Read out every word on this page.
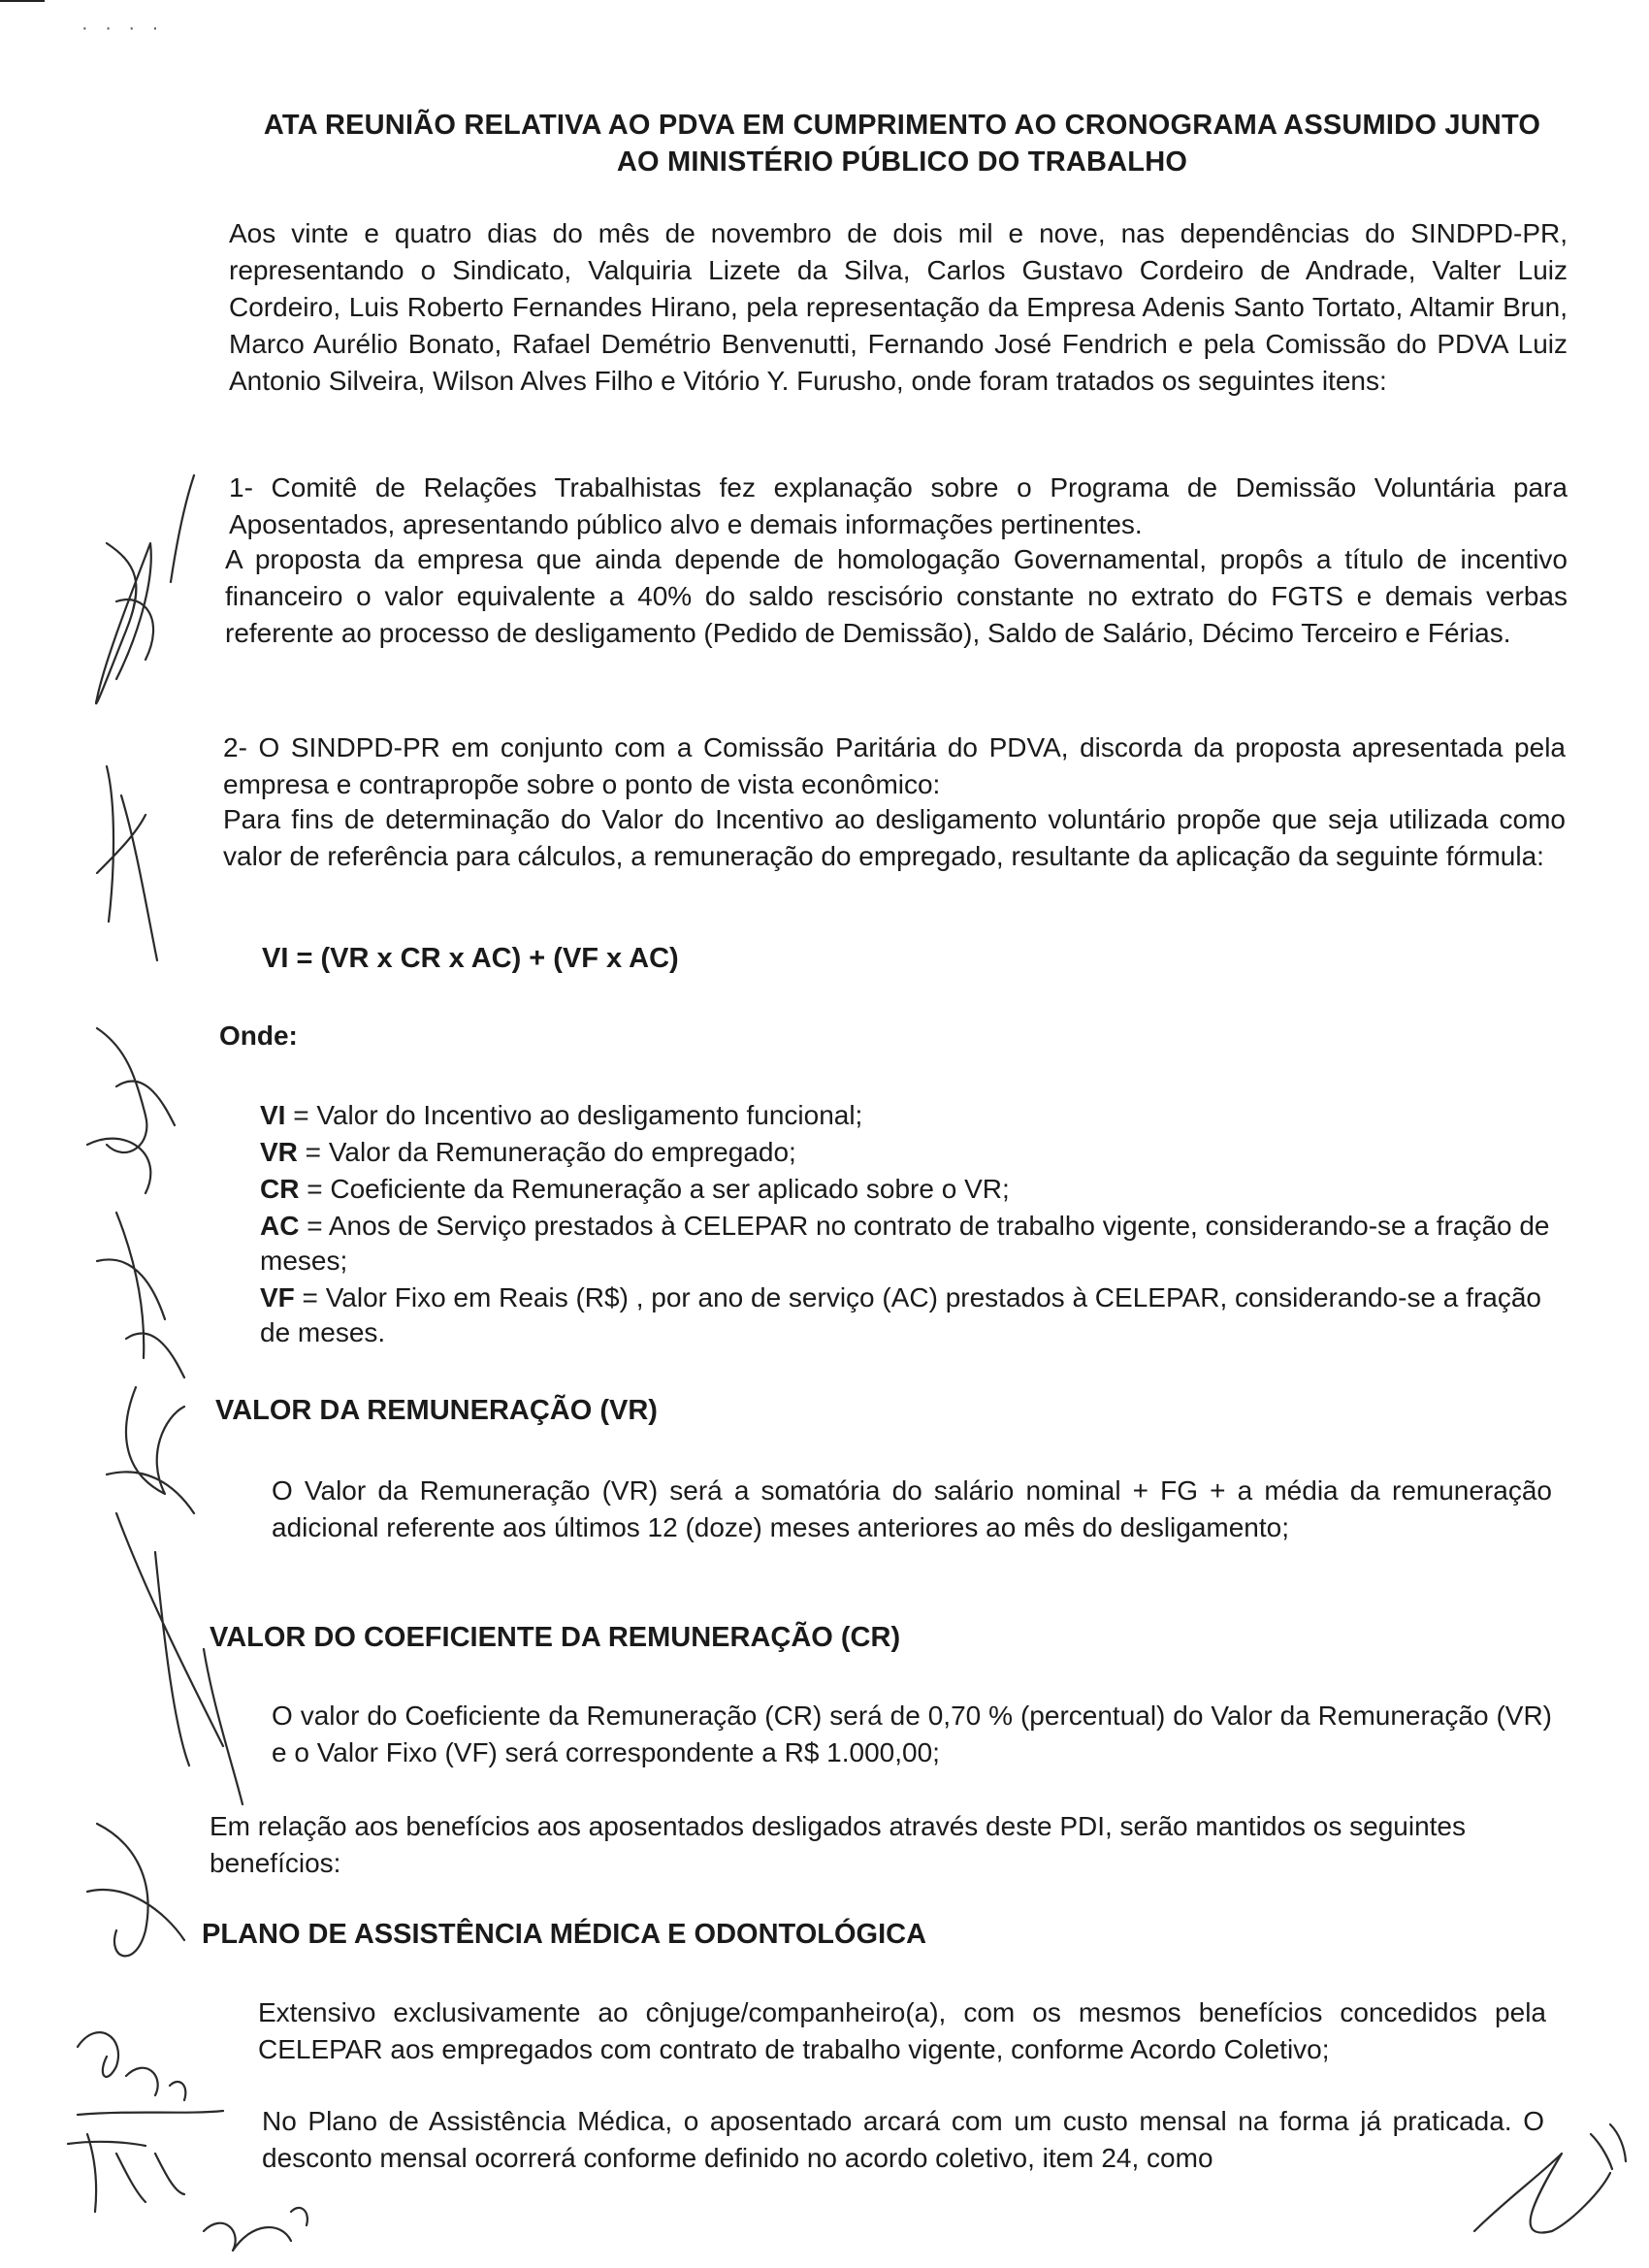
· · · ·
ATA REUNIÃO RELATIVA AO PDVA EM CUMPRIMENTO AO CRONOGRAMA ASSUMIDO JUNTO
AO MINISTÉRIO PÚBLICO DO TRABALHO
Aos vinte e quatro dias do mês de novembro de dois mil e nove, nas dependências do SINDPD-PR, representando o Sindicato, Valquiria Lizete da Silva, Carlos Gustavo Cordeiro de Andrade, Valter Luiz Cordeiro, Luis Roberto Fernandes Hirano, pela representação da Empresa Adenis Santo Tortato, Altamir Brun, Marco Aurélio Bonato, Rafael Demétrio Benvenutti, Fernando José Fendrich e pela Comissão do PDVA Luiz Antonio Silveira, Wilson Alves Filho e Vitório Y. Furusho, onde foram tratados os seguintes itens:
1- Comitê de Relações Trabalhistas fez explanação sobre o Programa de Demissão Voluntária para Aposentados, apresentando público alvo e demais informações pertinentes.
A proposta da empresa que ainda depende de homologação Governamental, propôs a título de incentivo financeiro o valor equivalente a 40% do saldo rescisório constante no extrato do FGTS e demais verbas referente ao processo de desligamento (Pedido de Demissão), Saldo de Salário, Décimo Terceiro e Férias.
2- O SINDPD-PR em conjunto com a Comissão Paritária do PDVA, discorda da proposta apresentada pela empresa e contrapropõe sobre o ponto de vista econômico:
Para fins de determinação do Valor do Incentivo ao desligamento voluntário propõe que seja utilizada como valor de referência para cálculos, a remuneração do empregado, resultante da aplicação da seguinte fórmula:
VI = (VR x CR x AC) + (VF x AC)
Onde:
VI = Valor do Incentivo ao desligamento funcional;
VR = Valor da Remuneração do empregado;
CR = Coeficiente da Remuneração a ser aplicado sobre o VR;
AC = Anos de Serviço prestados à CELEPAR no contrato de trabalho vigente, considerando-se a fração de meses;
VF = Valor Fixo em Reais (R$) , por ano de serviço (AC) prestados à CELEPAR, considerando-se a fração de meses.
VALOR DA REMUNERAÇÃO (VR)
O Valor da Remuneração (VR) será a somatória do salário nominal + FG + a média da remuneração adicional referente aos últimos 12 (doze) meses anteriores ao mês do desligamento;
VALOR DO COEFICIENTE DA REMUNERAÇÃO (CR)
O valor do Coeficiente da Remuneração (CR) será de 0,70 % (percentual) do Valor da Remuneração (VR) e o Valor Fixo (VF) será correspondente a R$ 1.000,00;
Em relação aos benefícios aos aposentados desligados através deste PDI, serão mantidos os seguintes benefícios:
PLANO DE ASSISTÊNCIA MÉDICA E ODONTOLÓGICA
Extensivo exclusivamente ao cônjuge/companheiro(a), com os mesmos benefícios concedidos pela CELEPAR aos empregados com contrato de trabalho vigente, conforme Acordo Coletivo;
No Plano de Assistência Médica, o aposentado arcará com um custo mensal na forma já praticada. O desconto mensal ocorrerá conforme definido no acordo coletivo, item 24, como
